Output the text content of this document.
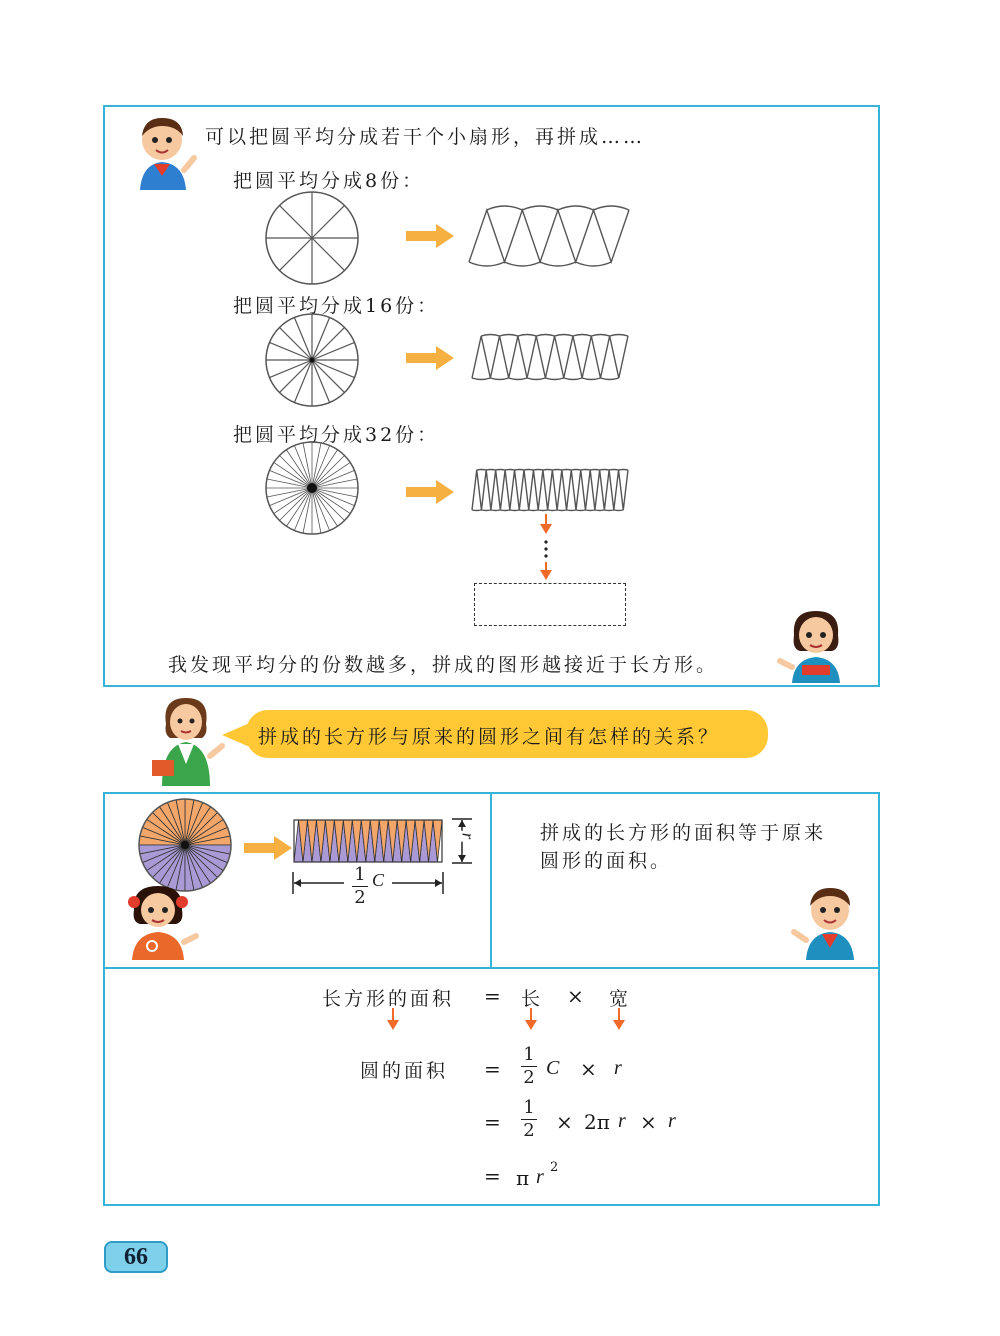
可以把圆平均分成若干个小扇形，再拼成……
把圆平均分成8份：
把圆平均分成16份：
把圆平均分成32份：
我发现平均分的份数越多，拼成的图形越接近于长方形。
拼成的长方形与原来的圆形之间有怎样的关系？
r
1
2
C
拼成的长方形的面积等于原来
圆形的面积。
长方形的面积 = 长 × 宽
圆的面积 =
1
2 C × r
=
1
2 × 2π r × r
= π r 2
66
